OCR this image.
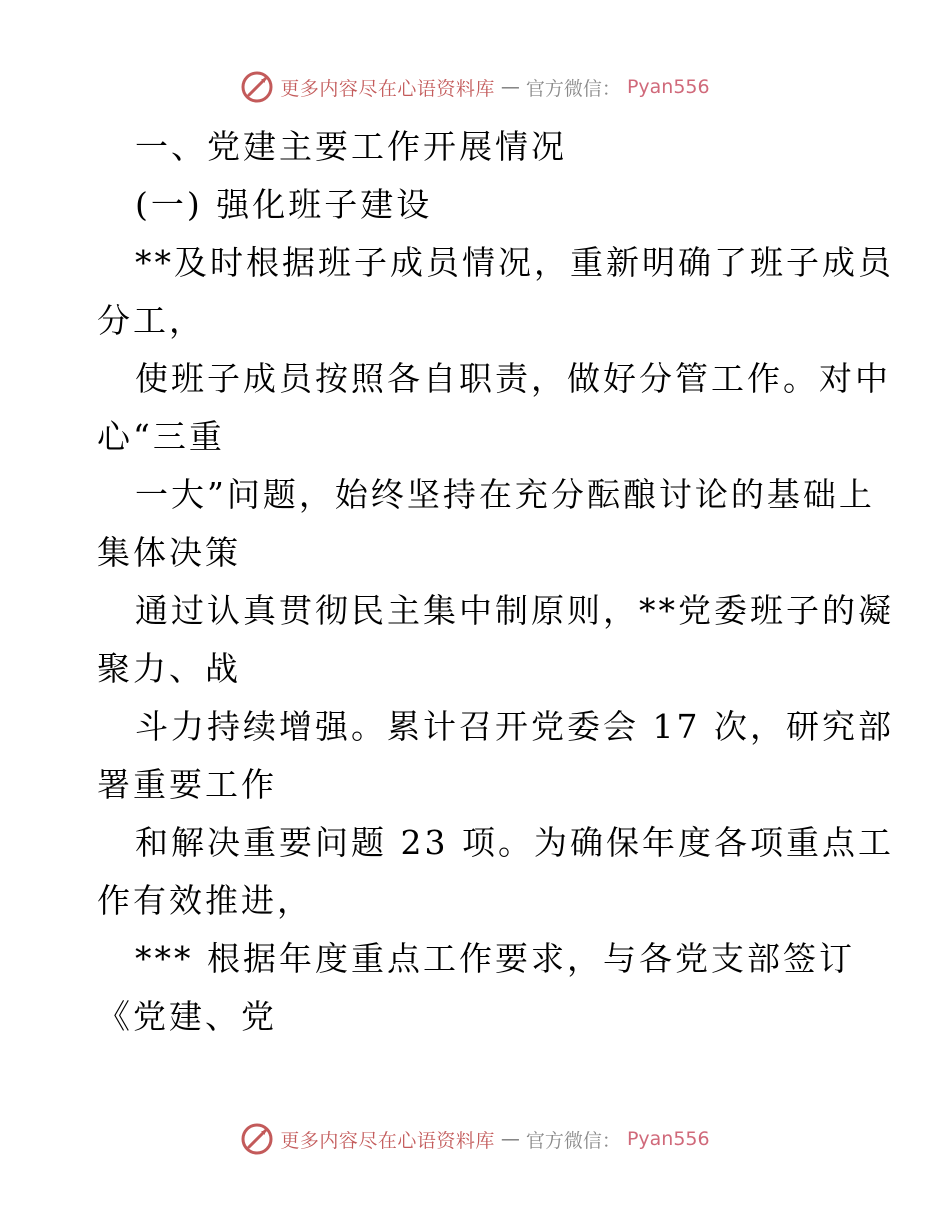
更多内容尽在心语资料库 — 官方微信： Pyan556
一、党建主要工作开展情况
(一) 强化班子建设
**及时根据班子成员情况，重新明确了班子成员
分工，
使班子成员按照各自职责，做好分管工作。对中
心“三重
一大”问题，始终坚持在充分酝酿讨论的基础上
集体决策
通过认真贯彻民主集中制原则，**党委班子的凝
聚力、战
斗力持续增强。累计召开党委会 17 次，研究部
署重要工作
和解决重要问题 23 项。为确保年度各项重点工
作有效推进，
*** 根据年度重点工作要求，与各党支部签订
《党建、党
更多内容尽在心语资料库 — 官方微信： Pyan556
